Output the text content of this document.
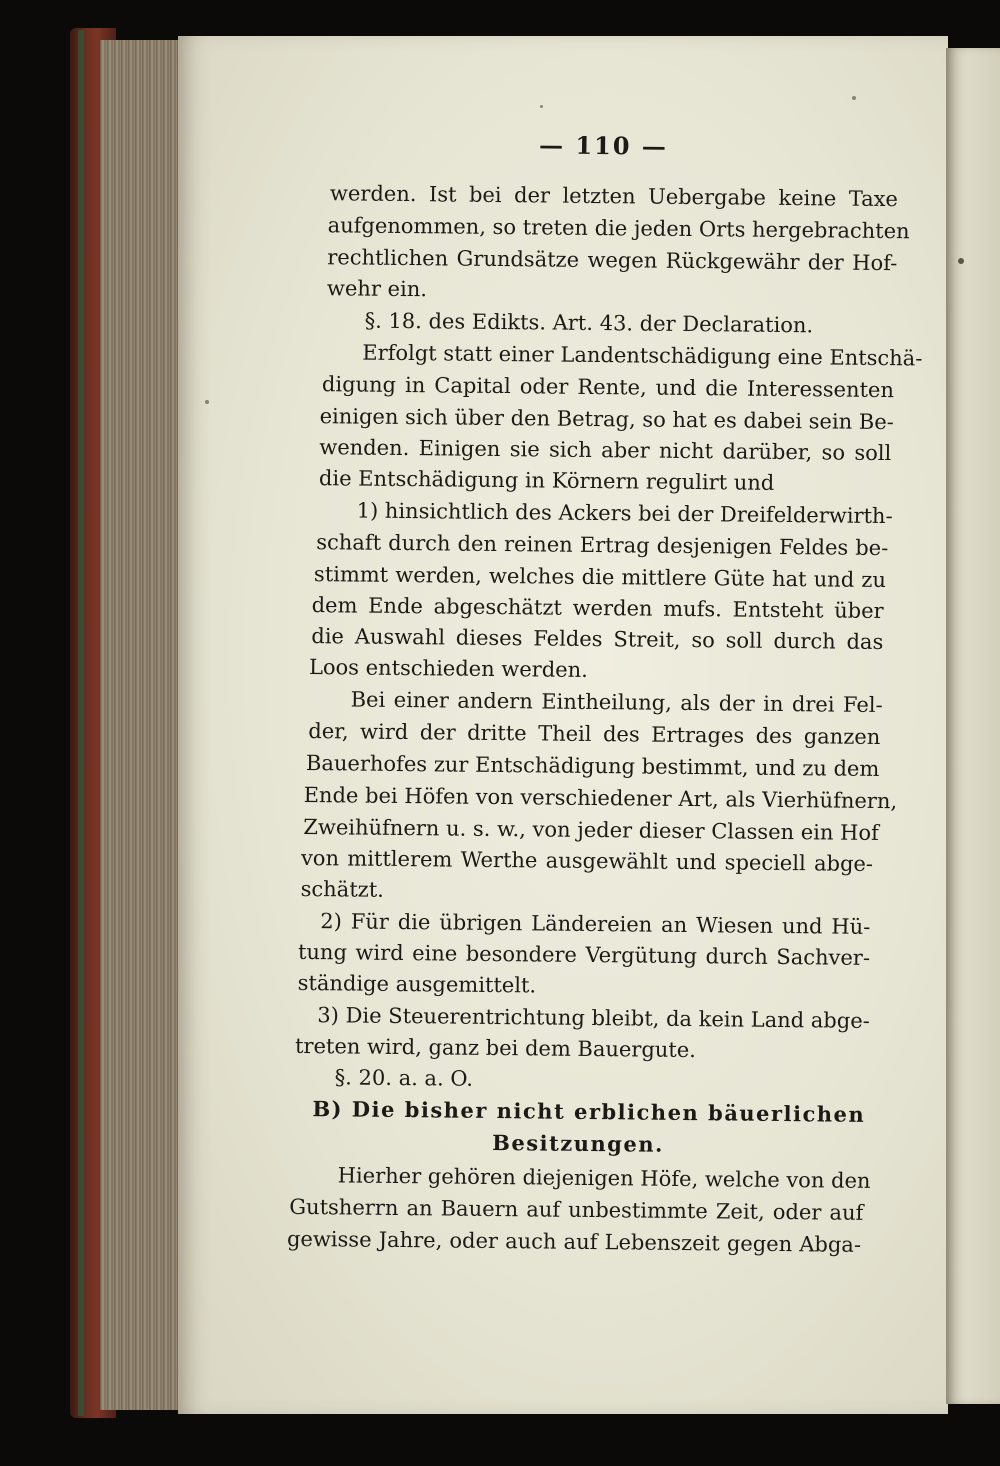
— 110 —
werden. Ist bei der letzten Uebergabe keine Taxe
aufgenommen, so treten die jeden Orts hergebrachten
rechtlichen Grundsätze wegen Rückgewähr der Hof-
wehr ein.
§. 18. des Edikts. Art. 43. der Declaration.
Erfolgt statt einer Landentschädigung eine Entschä-
digung in Capital oder Rente, und die Interessenten
einigen sich über den Betrag, so hat es dabei sein Be-
wenden. Einigen sie sich aber nicht darüber, so soll
die Entschädigung in Körnern regulirt und
1) hinsichtlich des Ackers bei der Dreifelderwirth-
schaft durch den reinen Ertrag desjenigen Feldes be-
stimmt werden, welches die mittlere Güte hat und zu
dem Ende abgeschätzt werden mufs. Entsteht über
die Auswahl dieses Feldes Streit, so soll durch das
Loos entschieden werden.
Bei einer andern Eintheilung, als der in drei Fel-
der, wird der dritte Theil des Ertrages des ganzen
Bauerhofes zur Entschädigung bestimmt, und zu dem
Ende bei Höfen von verschiedener Art, als Vierhüfnern,
Zweihüfnern u. s. w., von jeder dieser Classen ein Hof
von mittlerem Werthe ausgewählt und speciell abge-
schätzt.
2) Für die übrigen Ländereien an Wiesen und Hü-
tung wird eine besondere Vergütung durch Sachver-
ständige ausgemittelt.
3) Die Steuerentrichtung bleibt, da kein Land abge-
treten wird, ganz bei dem Bauergute.
§. 20. a. a. O.
B) Die bisher nicht erblichen bäuerlichen
Besitzungen.
Hierher gehören diejenigen Höfe, welche von den
Gutsherrn an Bauern auf unbestimmte Zeit, oder auf
gewisse Jahre, oder auch auf Lebenszeit gegen Abga-
